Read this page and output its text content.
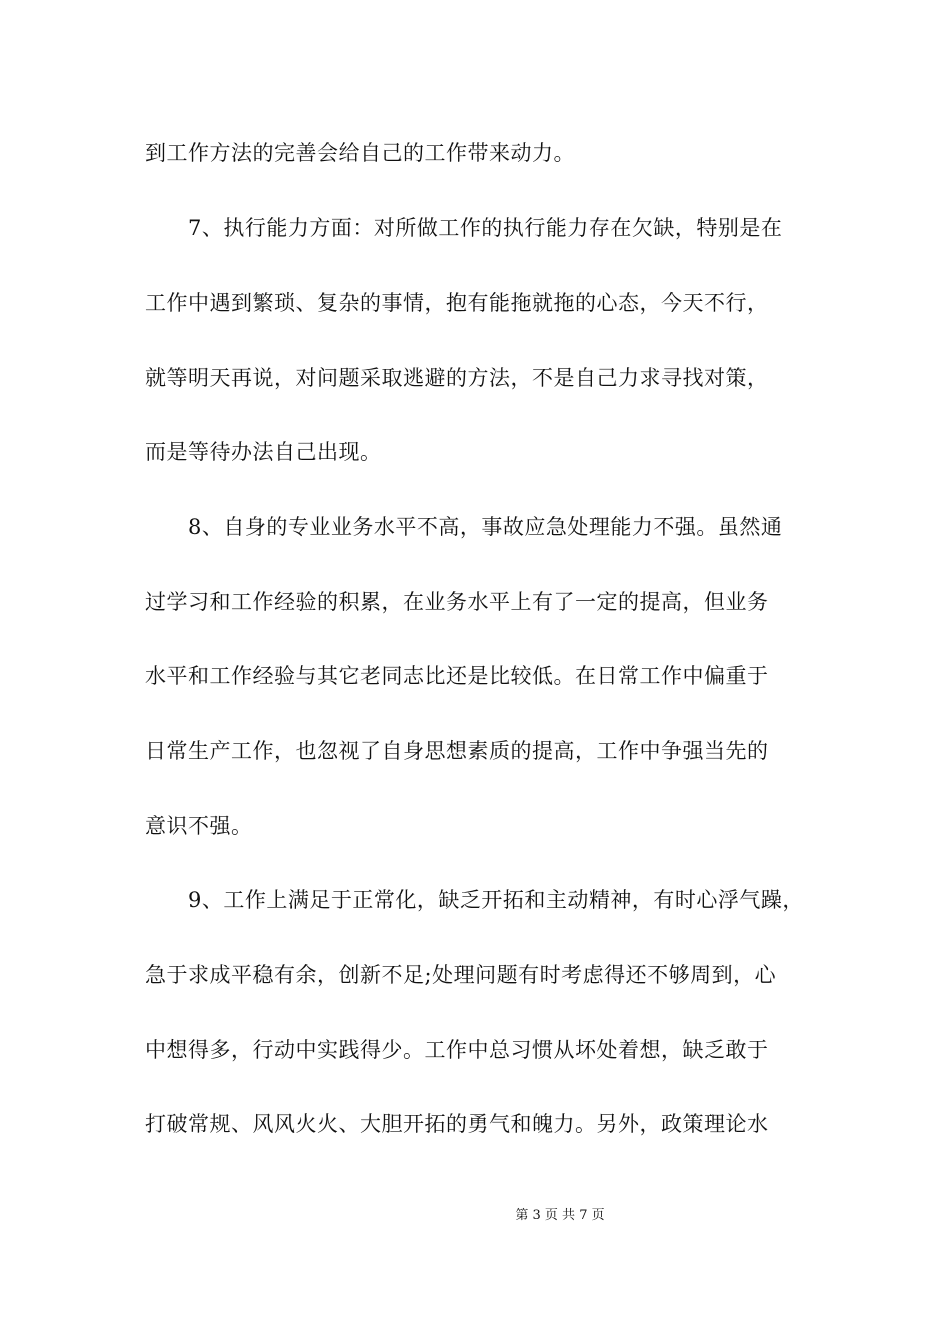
到工作方法的完善会给自己的工作带来动力。
7、执行能力方面：对所做工作的执行能力存在欠缺，特别是在
工作中遇到繁琐、复杂的事情，抱有能拖就拖的心态，今天不行，
就等明天再说，对问题采取逃避的方法，不是自己力求寻找对策，
而是等待办法自己出现。
8、自身的专业业务水平不高，事故应急处理能力不强。虽然通
过学习和工作经验的积累，在业务水平上有了一定的提高，但业务
水平和工作经验与其它老同志比还是比较低。在日常工作中偏重于
日常生产工作，也忽视了自身思想素质的提高，工作中争强当先的
意识不强。
9、工作上满足于正常化，缺乏开拓和主动精神，有时心浮气躁，
急于求成平稳有余，创新不足;处理问题有时考虑得还不够周到，心
中想得多，行动中实践得少。工作中总习惯从坏处着想，缺乏敢于
打破常规、风风火火、大胆开拓的勇气和魄力。另外，政策理论水
第 3 页 共 7 页
